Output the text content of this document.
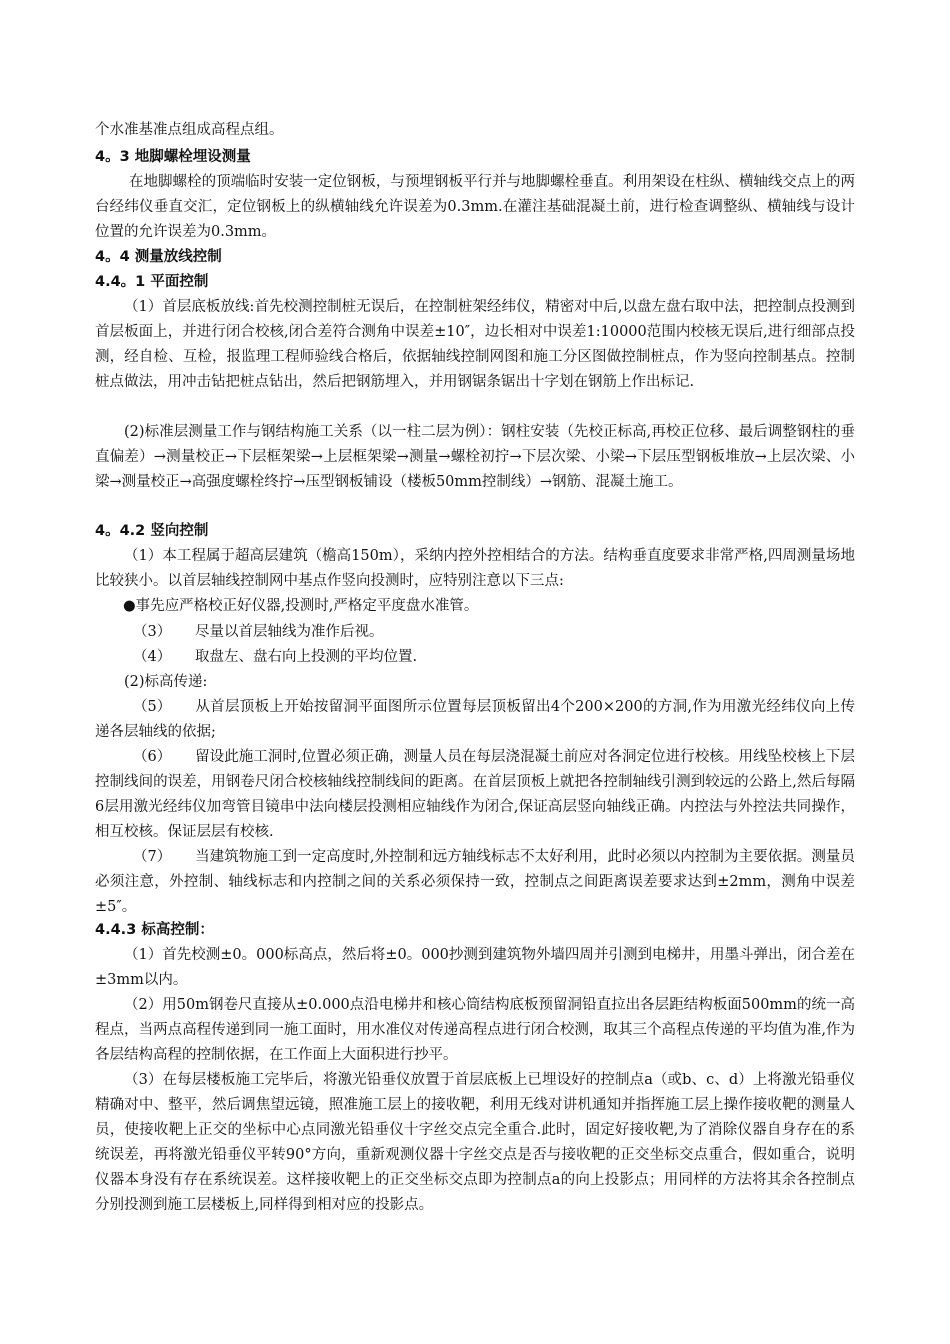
个水准基准点组成高程点组。

4。3 地脚螺栓埋设测量

在地脚螺栓的顶端临时安装一定位钢板，与预埋钢板平行并与地脚螺栓垂直。利用架设在柱纵、横轴线交点上的两台经纬仪垂直交汇，定位钢板上的纵横轴线允许误差为0.3mm.在灌注基础混凝土前，进行检查调整纵、横轴线与设计位置的允许误差为0.3mm。

4。4 测量放线控制

4.4。1 平面控制

（1）首层底板放线:首先校测控制桩无误后，在控制桩架经纬仪，精密对中后,以盘左盘右取中法，把控制点投测到首层板面上，并进行闭合校核,闭合差符合测角中误差±10″，边长相对中误差1:10000范围内校核无误后,进行细部点投测，经自检、互检，报监理工程师验线合格后，依据轴线控制网图和施工分区图做控制桩点，作为竖向控制基点。控制桩点做法，用冲击钻把桩点钻出，然后把钢筋埋入，并用钢锯条锯出十字划在钢筋上作出标记.

(2)标准层测量工作与钢结构施工关系（以一柱二层为例）：钢柱安装（先校正标高,再校正位移、最后调整钢柱的垂直偏差）→测量校正→下层框架梁→上层框架梁→测量→螺栓初拧→下层次梁、小梁→下层压型钢板堆放→上层次梁、小梁→测量校正→高强度螺栓终拧→压型钢板铺设（楼板50mm控制线）→钢筋、混凝土施工。

4。4.2 竖向控制

（1）本工程属于超高层建筑（檐高150m），采纳内控外控相结合的方法。结构垂直度要求非常严格,四周测量场地比较狭小。以首层轴线控制网中基点作竖向投测时，应特别注意以下三点:

●事先应严格校正好仪器,投测时,严格定平度盘水准管。

（3） 尽量以首层轴线为准作后视。

（4） 取盘左、盘右向上投测的平均位置.

(2)标高传递:

（5） 从首层顶板上开始按留洞平面图所示位置每层顶板留出4个200×200的方洞,作为用激光经纬仪向上传递各层轴线的依据;

（6） 留设此施工洞时,位置必须正确，测量人员在每层浇混凝土前应对各洞定位进行校核。用线坠校核上下层控制线间的误差，用钢卷尺闭合校核轴线控制线间的距离。在首层顶板上就把各控制轴线引测到较远的公路上,然后每隔6层用激光经纬仪加弯管目镜串中法向楼层投测相应轴线作为闭合,保证高层竖向轴线正确。内控法与外控法共同操作，相互校核。保证层层有校核.

（7） 当建筑物施工到一定高度时,外控制和远方轴线标志不太好利用，此时必须以内控制为主要依据。测量员必须注意，外控制、轴线标志和内控制之间的关系必须保持一致，控制点之间距离误差要求达到±2mm，测角中误差±5″。

4.4.3 标高控制：

（1）首先校测±0。000标高点，然后将±0。000抄测到建筑物外墙四周并引测到电梯井，用墨斗弹出，闭合差在±3mm以内。

（2）用50m钢卷尺直接从±0.000点沿电梯井和核心筒结构底板预留洞铅直拉出各层距结构板面500mm的统一高程点，当两点高程传递到同一施工面时，用水准仪对传递高程点进行闭合校测，取其三个高程点传递的平均值为准,作为各层结构高程的控制依据，在工作面上大面积进行抄平。

（3）在每层楼板施工完毕后，将激光铅垂仪放置于首层底板上已埋设好的控制点a（或b、c、d）上将激光铅垂仪精确对中、整平，然后调焦望远镜，照准施工层上的接收靶，利用无线对讲机通知并指挥施工层上操作接收靶的测量人员，使接收靶上正交的坐标中心点同激光铅垂仪十字丝交点完全重合.此时，固定好接收靶,为了消除仪器自身存在的系统误差，再将激光铅垂仪平转90°方向，重新观测仪器十字丝交点是否与接收靶的正交坐标交点重合，假如重合，说明仪器本身没有存在系统误差。这样接收靶上的正交坐标交点即为控制点a的向上投影点；用同样的方法将其余各控制点分别投测到施工层楼板上,同样得到相对应的投影点。
